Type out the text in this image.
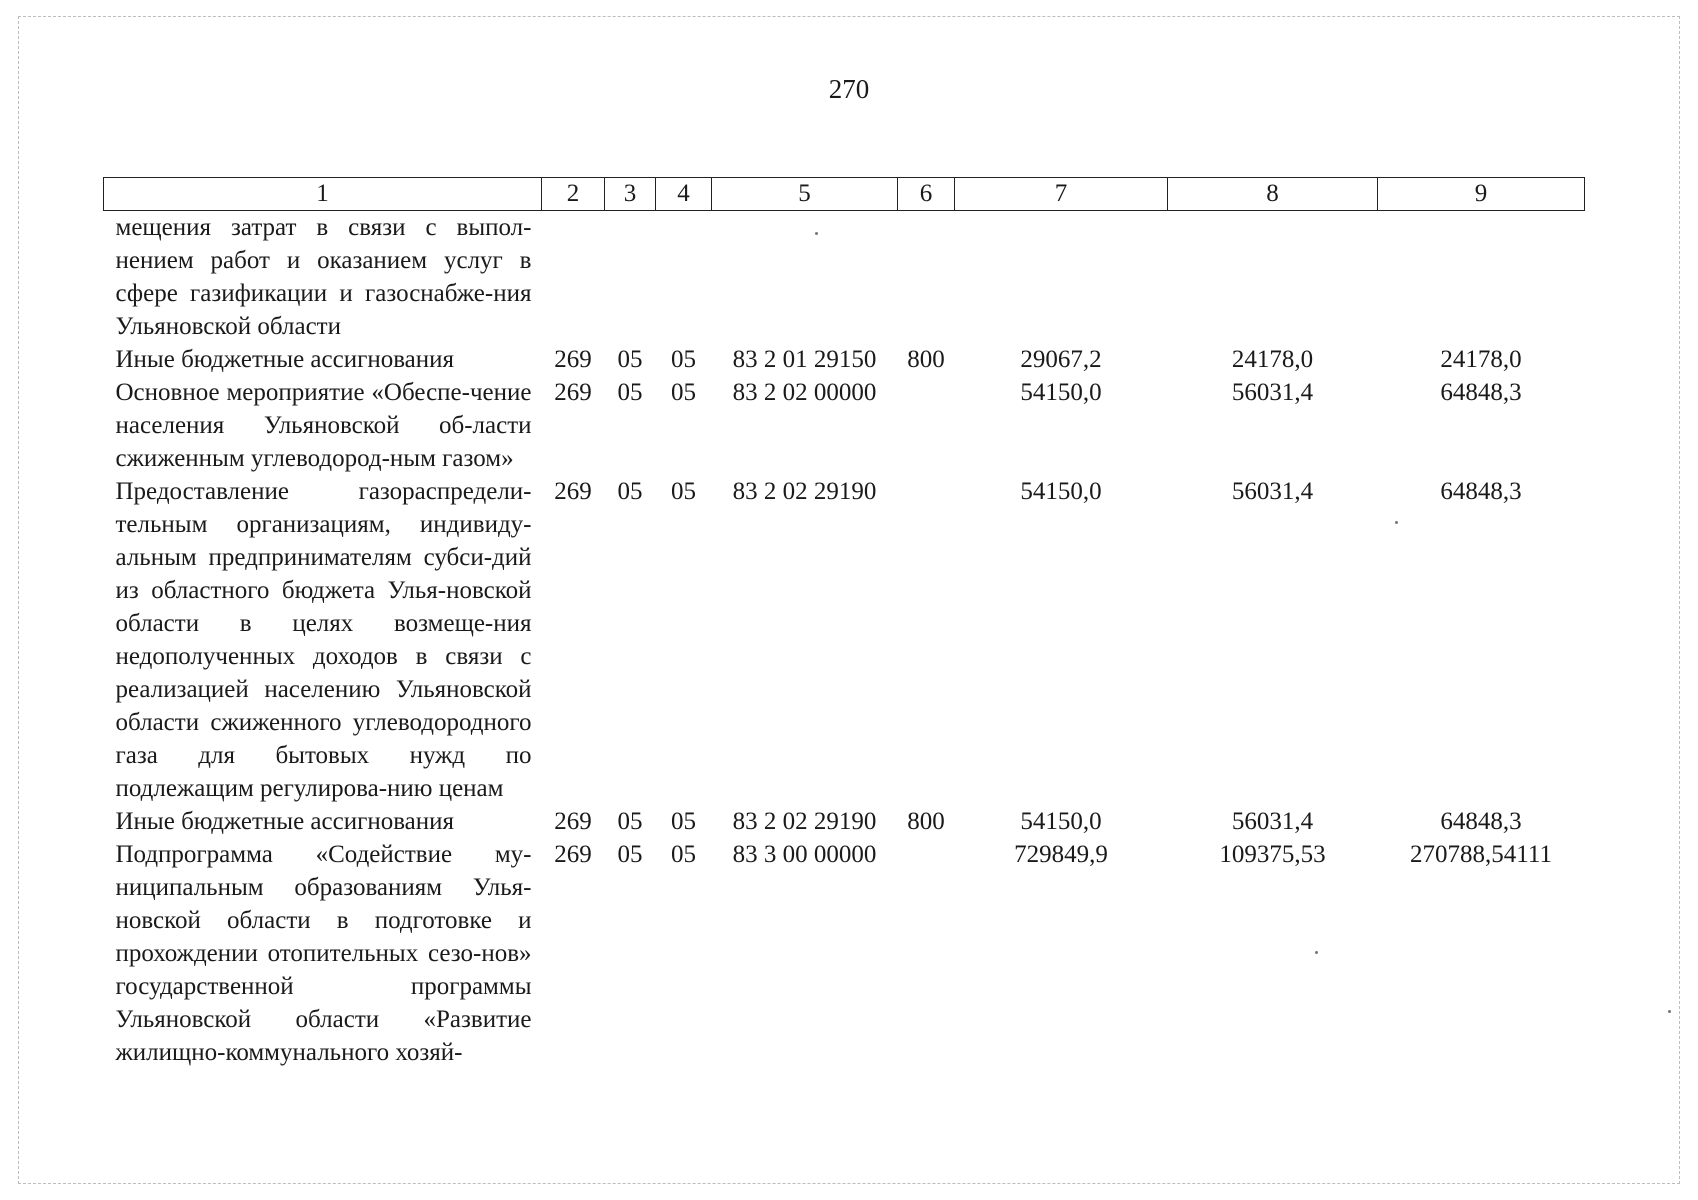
270
1	2	3	4	5	6	7	8	9
мещения затрат в связи с выпол-нением работ и оказанием услуг в сфере газификации и газоснабже-ния Ульяновской области								
Иные бюджетные ассигнования	269	05	05	83 2 01 29150	800	29067,2	24178,0	24178,0
Основное мероприятие «Обеспе-чение населения Ульяновской об-ласти сжиженным углеводород-ным газом»	269	05	05	83 2 02 00000		54150,0	56031,4	64848,3
Предоставление газораспредели-тельным организациям, индивиду-альным предпринимателям субси-дий из областного бюджета Улья-новской области в целях возмеще-ния недополученных доходов в связи с реализацией населению Ульяновской области сжиженного углеводородного газа для бытовых нужд по подлежащим регулирова-нию ценам	269	05	05	83 2 02 29190		54150,0	56031,4	64848,3
Иные бюджетные ассигнования	269	05	05	83 2 02 29190	800	54150,0	56031,4	64848,3
Подпрограмма «Содействие му-ниципальным образованиям Улья-новской области в подготовке и прохождении отопительных сезо-нов» государственной программы Ульяновской области «Развитие жилищно-коммунального хозяй-	269	05	05	83 3 00 00000		729849,9	109375,53	270788,54111
